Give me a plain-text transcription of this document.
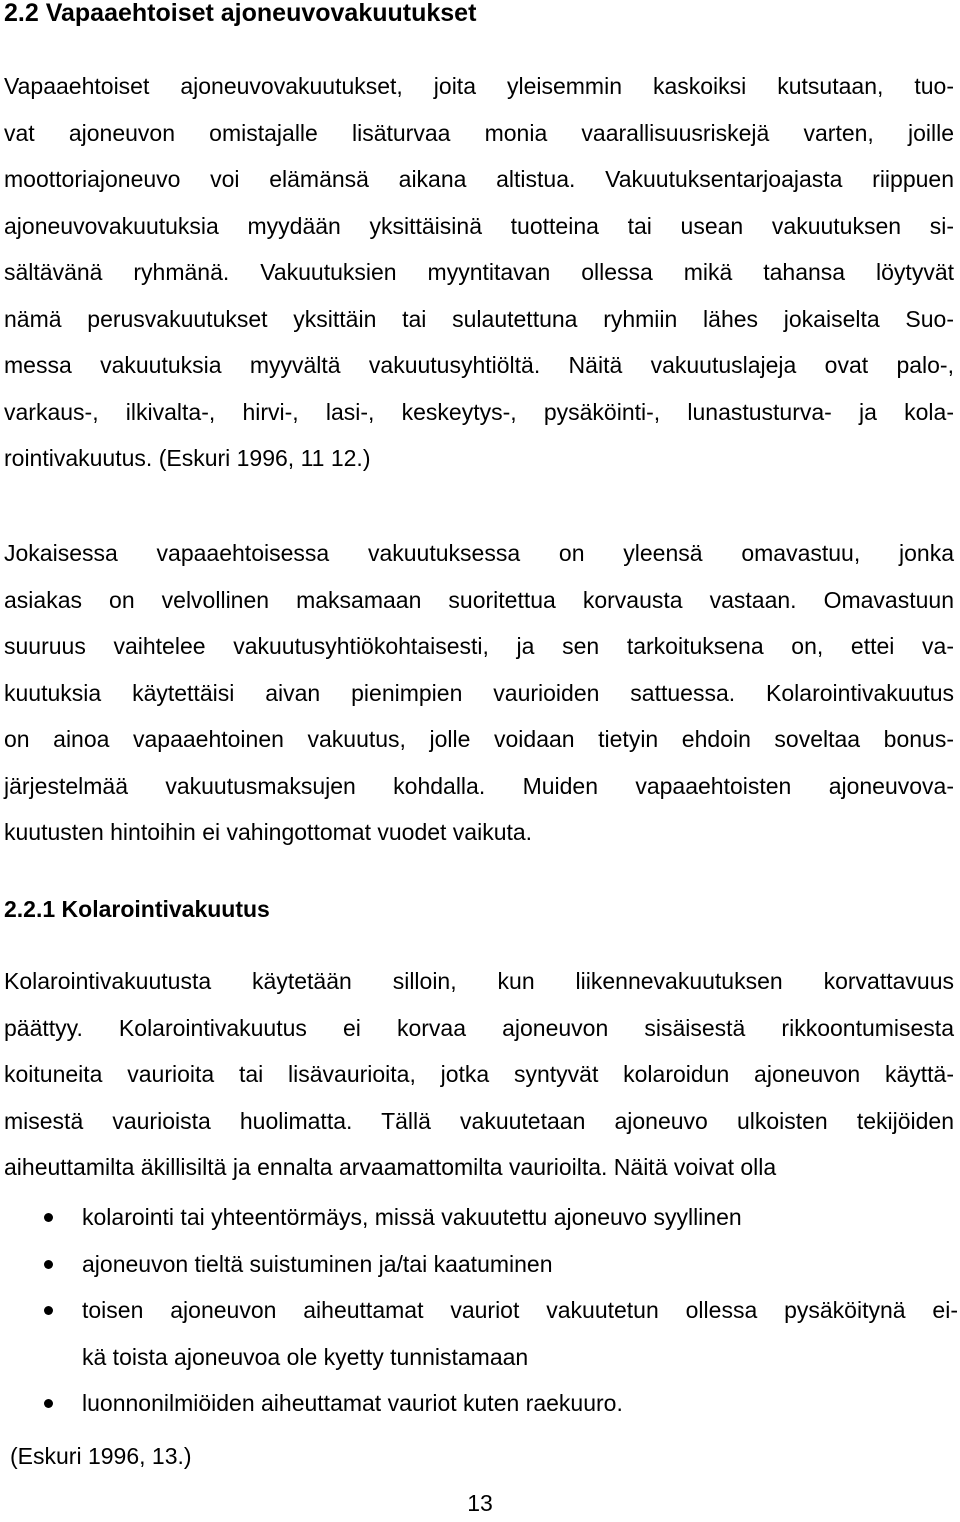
2.2 Vapaaehtoiset ajoneuvovakuutukset

Vapaaehtoiset ajoneuvovakuutukset, joita yleisemmin kaskoiksi kutsutaan, tuo-
vat ajoneuvon omistajalle lisäturvaa monia vaarallisuusriskejä varten, joille
moottoriajoneuvo voi elämänsä aikana altistua. Vakuutuksentarjoajasta riippuen
ajoneuvovakuutuksia myydään yksittäisinä tuotteina tai usean vakuutuksen si-
sältävänä ryhmänä. Vakuutuksien myyntitavan ollessa mikä tahansa löytyvät
nämä perusvakuutukset yksittäin tai sulautettuna ryhmiin lähes jokaiselta Suo-
messa vakuutuksia myyvältä vakuutusyhtiöltä. Näitä vakuutuslajeja ovat palo-,
varkaus-, ilkivalta-, hirvi-, lasi-, keskeytys-, pysäköinti-, lunastusturva- ja kola-
rointivakuutus. (Eskuri 1996, 11 12.)

Jokaisessa vapaaehtoisessa vakuutuksessa on yleensä omavastuu, jonka
asiakas on velvollinen maksamaan suoritettua korvausta vastaan. Omavastuun
suuruus vaihtelee vakuutusyhtiökohtaisesti, ja sen tarkoituksena on, ettei va-
kuutuksia käytettäisi aivan pienimpien vaurioiden sattuessa. Kolarointivakuutus
on ainoa vapaaehtoinen vakuutus, jolle voidaan tietyin ehdoin soveltaa bonus-
järjestelmää vakuutusmaksujen kohdalla. Muiden vapaaehtoisten ajoneuvova-
kuutusten hintoihin ei vahingottomat vuodet vaikuta.

2.2.1 Kolarointivakuutus

Kolarointivakuutusta käytetään silloin, kun liikennevakuutuksen korvattavuus
päättyy. Kolarointivakuutus ei korvaa ajoneuvon sisäisestä rikkoontumisesta
koituneita vaurioita tai lisävaurioita, jotka syntyvät kolaroidun ajoneuvon käyttä-
misestä vaurioista huolimatta. Tällä vakuutetaan ajoneuvo ulkoisten tekijöiden
aiheuttamilta äkillisiltä ja ennalta arvaamattomilta vaurioilta. Näitä voivat olla

kolarointi tai yhteentörmäys, missä vakuutettu ajoneuvo syyllinen
ajoneuvon tieltä suistuminen ja/tai kaatuminen
toisen ajoneuvon aiheuttamat vauriot vakuutetun ollessa pysäköitynä ei-
kä toista ajoneuvoa ole kyetty tunnistamaan
luonnonilmiöiden aiheuttamat vauriot kuten raekuuro.

(Eskuri 1996, 13.)

13
